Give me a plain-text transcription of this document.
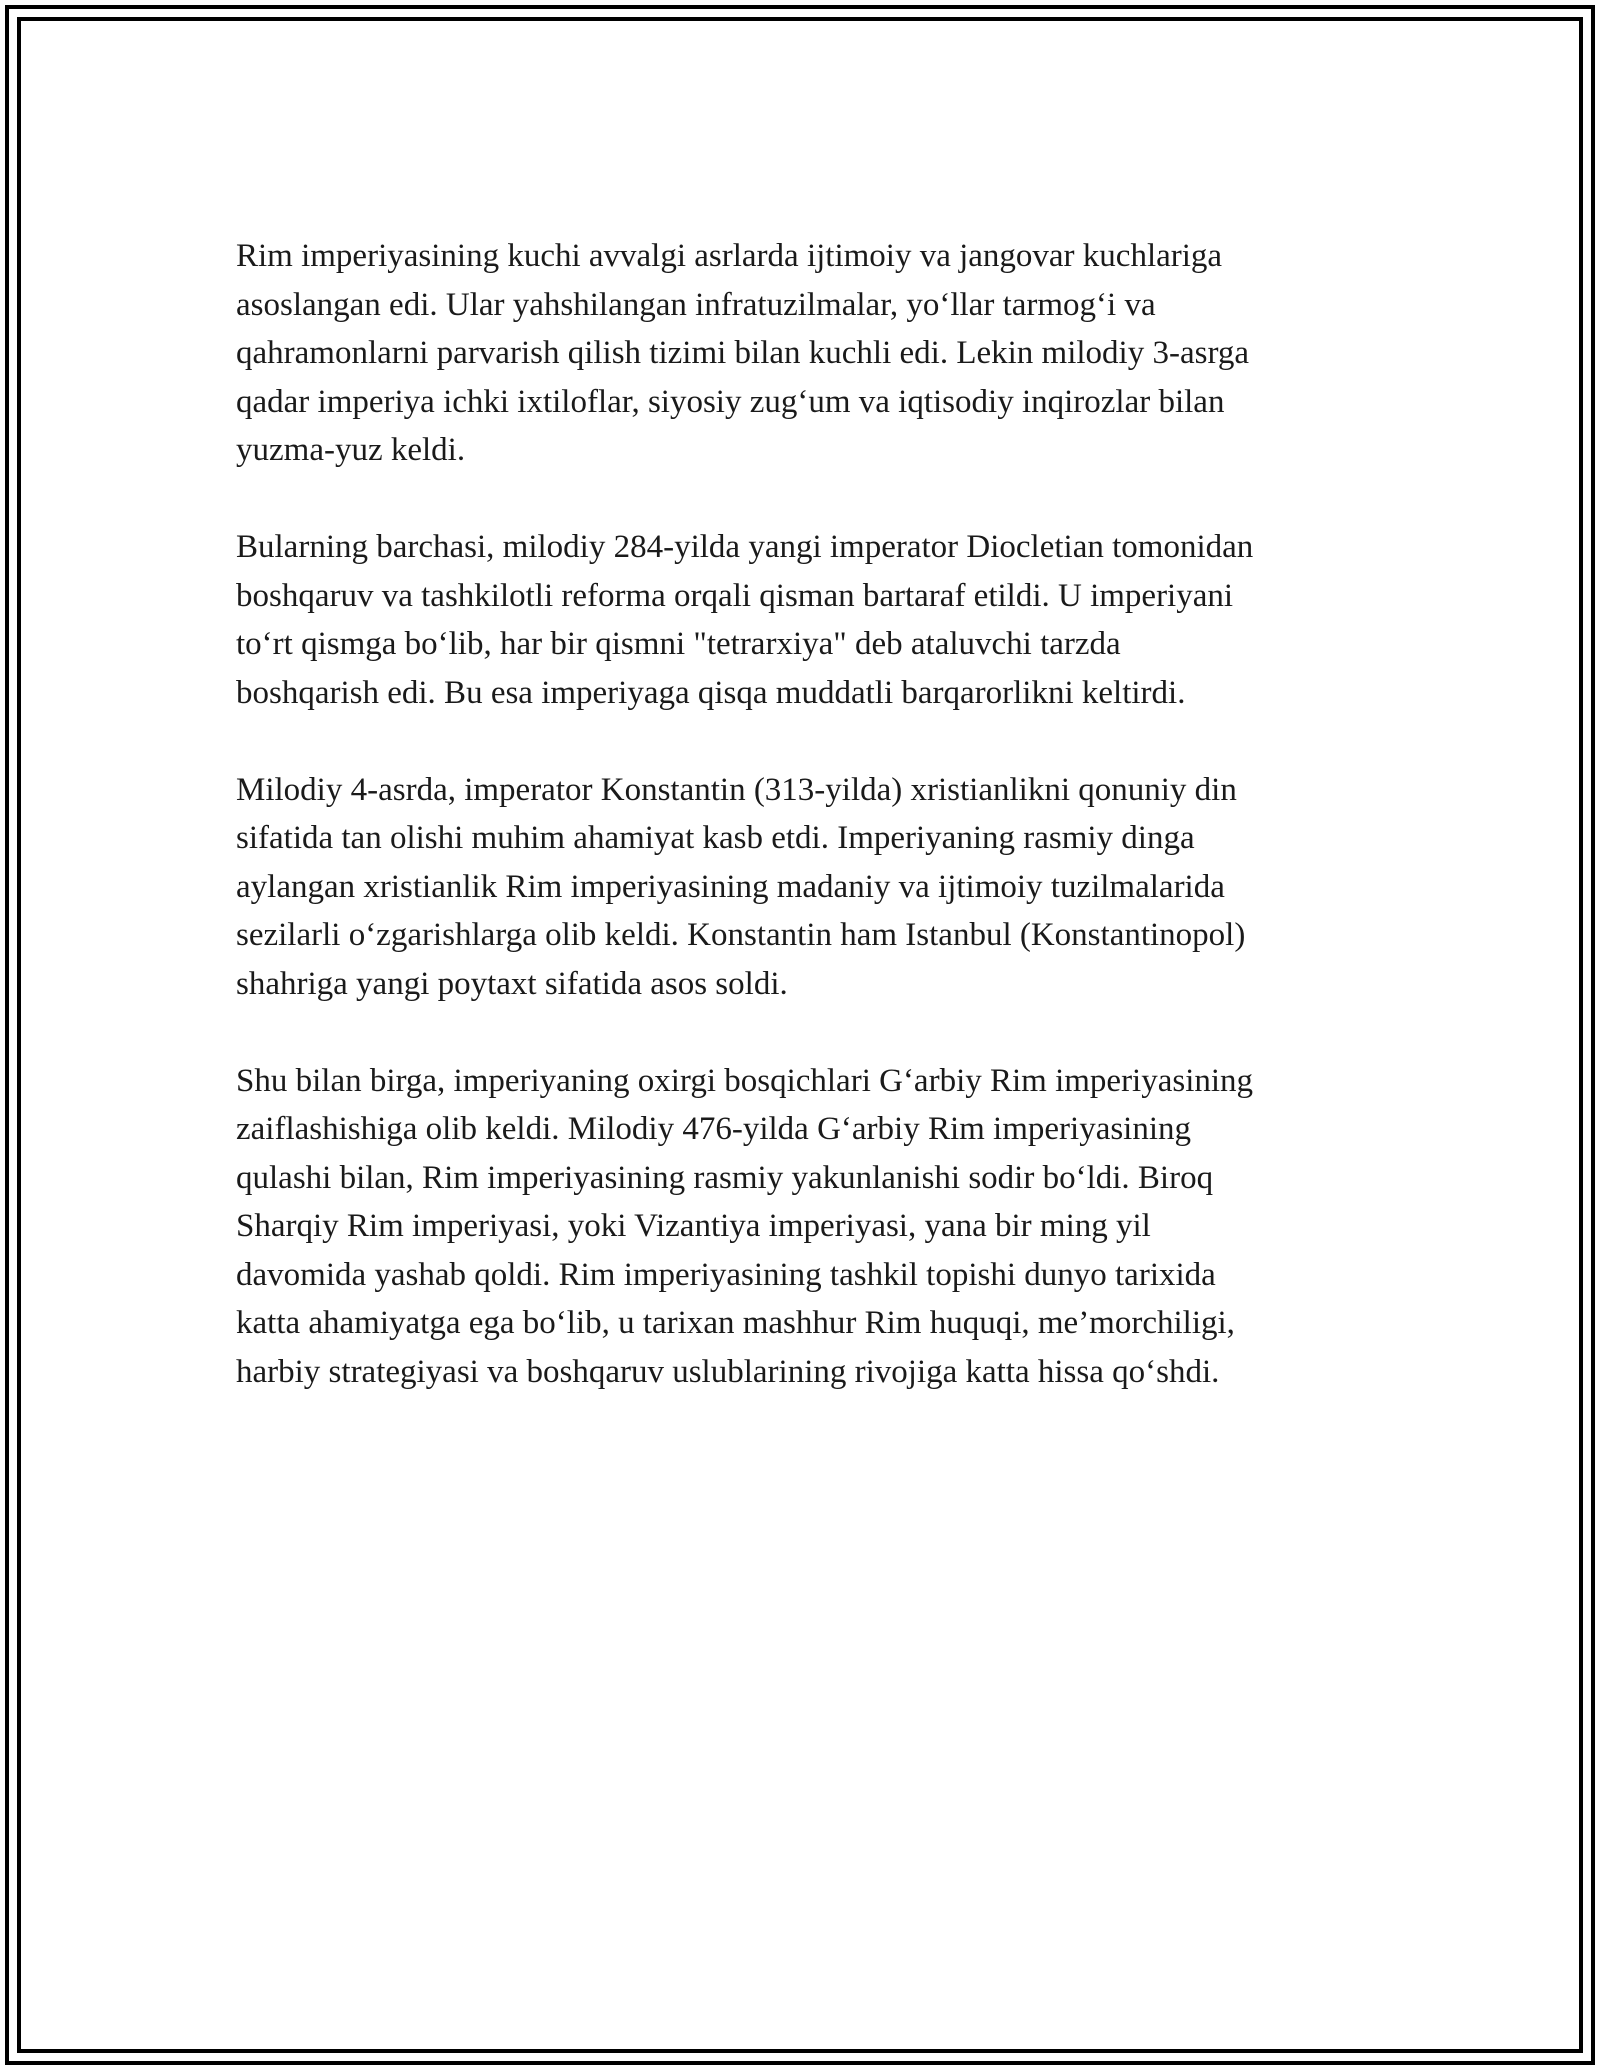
Rim imperiyasining kuchi avvalgi asrlarda ijtimoiy va jangovar kuchlariga
asoslangan edi. Ular yahshilangan infratuzilmalar, yo‘llar tarmog‘i va
qahramonlarni parvarish qilish tizimi bilan kuchli edi. Lekin milodiy 3-asrga
qadar imperiya ichki ixtiloflar, siyosiy zug‘um va iqtisodiy inqirozlar bilan
yuzma-yuz keldi.

Bularning barchasi, milodiy 284-yilda yangi imperator Diocletian tomonidan
boshqaruv va tashkilotli reforma orqali qisman bartaraf etildi. U imperiyani
to‘rt qismga bo‘lib, har bir qismni "tetrarxiya" deb ataluvchi tarzda
boshqarish edi. Bu esa imperiyaga qisqa muddatli barqarorlikni keltirdi.

Milodiy 4-asrda, imperator Konstantin (313-yilda) xristianlikni qonuniy din
sifatida tan olishi muhim ahamiyat kasb etdi. Imperiyaning rasmiy dinga
aylangan xristianlik Rim imperiyasining madaniy va ijtimoiy tuzilmalarida
sezilarli o‘zgarishlarga olib keldi. Konstantin ham Istanbul (Konstantinopol)
shahriga yangi poytaxt sifatida asos soldi.

Shu bilan birga, imperiyaning oxirgi bosqichlari G‘arbiy Rim imperiyasining
zaiflashishiga olib keldi. Milodiy 476-yilda G‘arbiy Rim imperiyasining
qulashi bilan, Rim imperiyasining rasmiy yakunlanishi sodir bo‘ldi. Biroq
Sharqiy Rim imperiyasi, yoki Vizantiya imperiyasi, yana bir ming yil
davomida yashab qoldi. Rim imperiyasining tashkil topishi dunyo tarixida
katta ahamiyatga ega bo‘lib, u tarixan mashhur Rim huquqi, me’morchiligi,
harbiy strategiyasi va boshqaruv uslublarining rivojiga katta hissa qo‘shdi.
